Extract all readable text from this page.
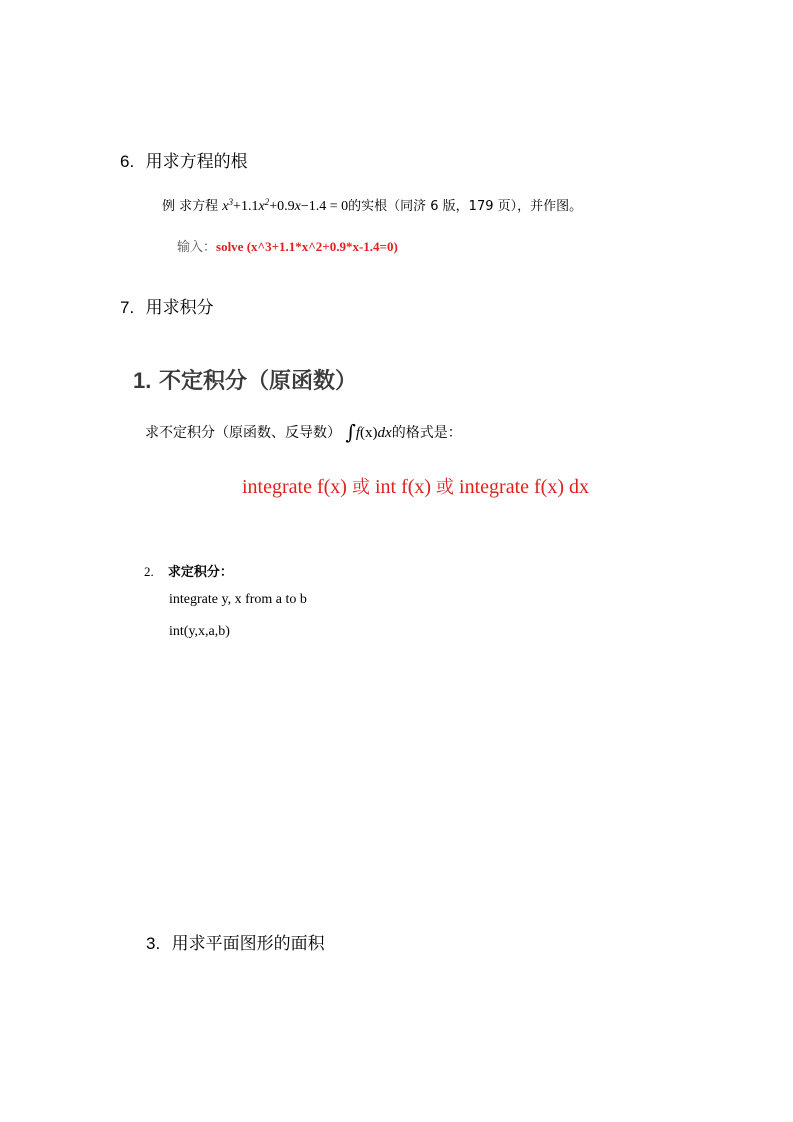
6. 用求方程的根
例 求方程 $x^3+1.1x^2+0.9x-1.4 = 0$的实根（同济 6 版，179 页），并作图。
输入：solve (x^3+1.1*x^2+0.9*x-1.4=0)
7. 用求积分
1. 不定积分（原函数）
求不定积分（原函数、反导数） ∫f(x)dx的格式是：
integrate f(x) 或 int f(x) 或 integrate f(x) dx
2. 求定积分：
integrate y, x from a to b
int(y,x,a,b)
3. 用求平面图形的面积
